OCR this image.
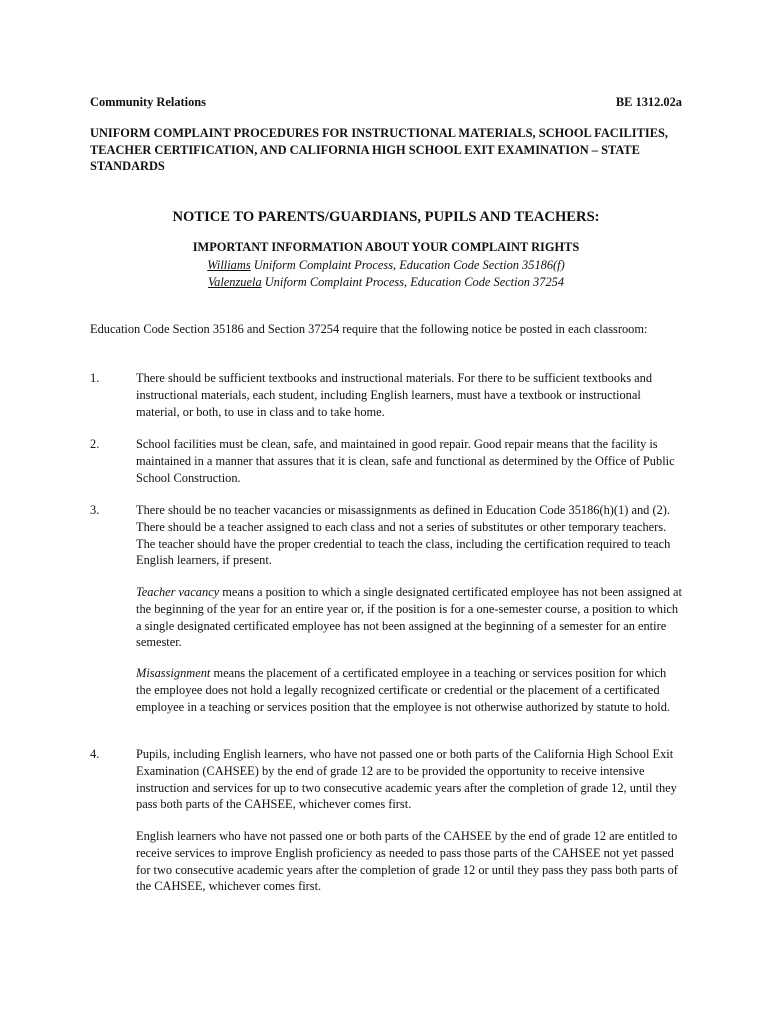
Community Relations	BE 1312.02a
UNIFORM COMPLAINT PROCEDURES FOR INSTRUCTIONAL MATERIALS, SCHOOL FACILITIES, TEACHER CERTIFICATION, AND CALIFORNIA HIGH SCHOOL EXIT EXAMINATION – STATE STANDARDS
NOTICE TO PARENTS/GUARDIANS, PUPILS AND TEACHERS:
IMPORTANT INFORMATION ABOUT YOUR COMPLAINT RIGHTS
Williams Uniform Complaint Process, Education Code Section 35186(f)
Valenzuela Uniform Complaint Process, Education Code Section 37254
Education Code Section 35186 and Section 37254 require that the following notice be posted in each classroom:
1.	There should be sufficient textbooks and instructional materials. For there to be sufficient textbooks and instructional materials, each student, including English learners, must have a textbook or instructional material, or both, to use in class and to take home.
2.	School facilities must be clean, safe, and maintained in good repair. Good repair means that the facility is maintained in a manner that assures that it is clean, safe and functional as determined by the Office of Public School Construction.
3.	There should be no teacher vacancies or misassignments as defined in Education Code 35186(h)(1) and (2). There should be a teacher assigned to each class and not a series of substitutes or other temporary teachers. The teacher should have the proper credential to teach the class, including the certification required to teach English learners, if present.
Teacher vacancy means a position to which a single designated certificated employee has not been assigned at the beginning of the year for an entire year or, if the position is for a one-semester course, a position to which a single designated certificated employee has not been assigned at the beginning of a semester for an entire semester.
Misassignment means the placement of a certificated employee in a teaching or services position for which the employee does not hold a legally recognized certificate or credential or the placement of a certificated employee in a teaching or services position that the employee is not otherwise authorized by statute to hold.
4.	Pupils, including English learners, who have not passed one or both parts of the California High School Exit Examination (CAHSEE) by the end of grade 12 are to be provided the opportunity to receive intensive instruction and services for up to two consecutive academic years after the completion of grade 12, until they pass both parts of the CAHSEE, whichever comes first.
English learners who have not passed one or both parts of the CAHSEE by the end of grade 12 are entitled to receive services to improve English proficiency as needed to pass those parts of the CAHSEE not yet passed for two consecutive academic years after the completion of grade 12 or until they pass they pass both parts of the CAHSEE, whichever comes first.
